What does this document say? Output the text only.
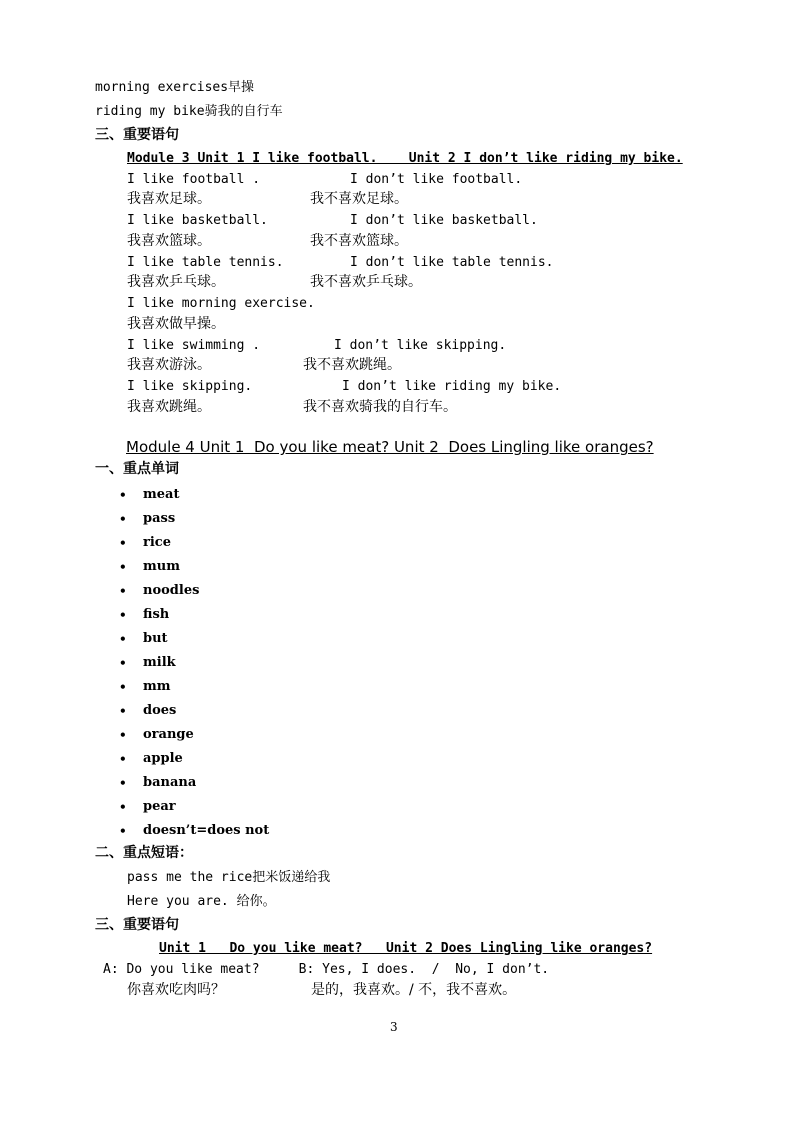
morning exercises早操
riding my bike骑我的自行车
三、重要语句
Module 3 Unit 1 I like football.    Unit 2 I don’t like riding my bike.
I like football .	I don’t like football.
我喜欢足球。	我不喜欢足球。
I like basketball.	I don’t like basketball.
我喜欢篮球。	我不喜欢篮球。
I like table tennis.	I don’t like table tennis.
我喜欢乒乓球。	我不喜欢乒乓球。
I like morning exercise.
我喜欢做早操。
I like swimming .	I don’t like skipping.
我喜欢游泳。	我不喜欢跳绳。
I like skipping.	I don’t like riding my bike.
我喜欢跳绳。	我不喜欢骑我的自行车。
Module 4 Unit 1  Do you like meat? Unit 2  Does Lingling like oranges?
一、重点单词
• meat
• pass
• rice
• mum
• noodles
• fish
• but
• milk
• mm
• does
• orange
• apple
• banana
• pear
• doesn’t=does not
二、重点短语：
pass me the rice把米饭递给我
Here you are. 给你。
三、重要语句
Unit 1   Do you like meat?   Unit 2 Does Lingling like oranges?
A: Do you like meat?     B: Yes, I does.  /  No, I don’t.
你喜欢吃肉吗？	是的，我喜欢。/ 不，我不喜欢。
3
